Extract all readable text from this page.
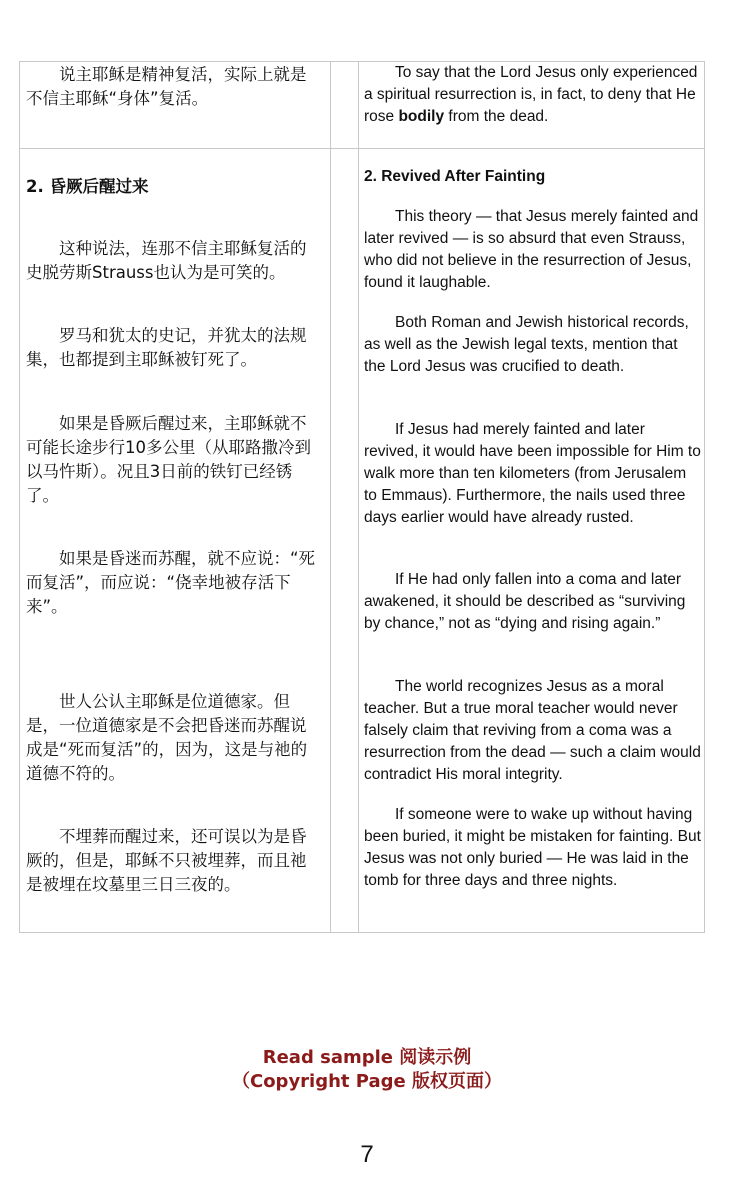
说主耶稣是精神复活，实际上就是不信主耶稣“身体”复活。

To say that the Lord Jesus only experienced a spiritual resurrection is, in fact, to deny that He rose bodily from the dead.

2. 昏厥后醒过来

2. Revived After Fainting

这种说法，连那不信主耶稣复活的史脱劳斯Strauss也认为是可笑的。

罗马和犹太的史记，并犹太的法规集，也都提到主耶稣被钉死了。

如果是昏厥后醒过来，主耶稣就不可能长途步行10多公里（从耶路撒冷到以马忤斯）。况且3日前的铁钉已经锈了。

如果是昏迷而苏醒，就不应说：“死而复活”，而应说：“侥幸地被存活下来”。

世人公认主耶稣是位道德家。但是，一位道德家是不会把昏迷而苏醒说成是“死而复活”的，因为，这是与祂的道德不符的。

不埋葬而醒过来，还可误以为是昏厥的，但是，耶稣不只被埋葬，而且祂是被埋在坟墓里三日三夜的。

This theory — that Jesus merely fainted and later revived — is so absurd that even Strauss, who did not believe in the resurrection of Jesus, found it laughable.

Both Roman and Jewish historical records, as well as the Jewish legal texts, mention that the Lord Jesus was crucified to death.

If Jesus had merely fainted and later revived, it would have been impossible for Him to walk more than ten kilometers (from Jerusalem to Emmaus). Furthermore, the nails used three days earlier would have already rusted.

If He had only fallen into a coma and later awakened, it should be described as “surviving by chance,” not as “dying and rising again.”

The world recognizes Jesus as a moral teacher. But a true moral teacher would never falsely claim that reviving from a coma was a resurrection from the dead — such a claim would contradict His moral integrity.

If someone were to wake up without having been buried, it might be mistaken for fainting. But Jesus was not only buried — He was laid in the tomb for three days and three nights.

Read sample 阅读示例

（Copyright Page 版权页面）

7
